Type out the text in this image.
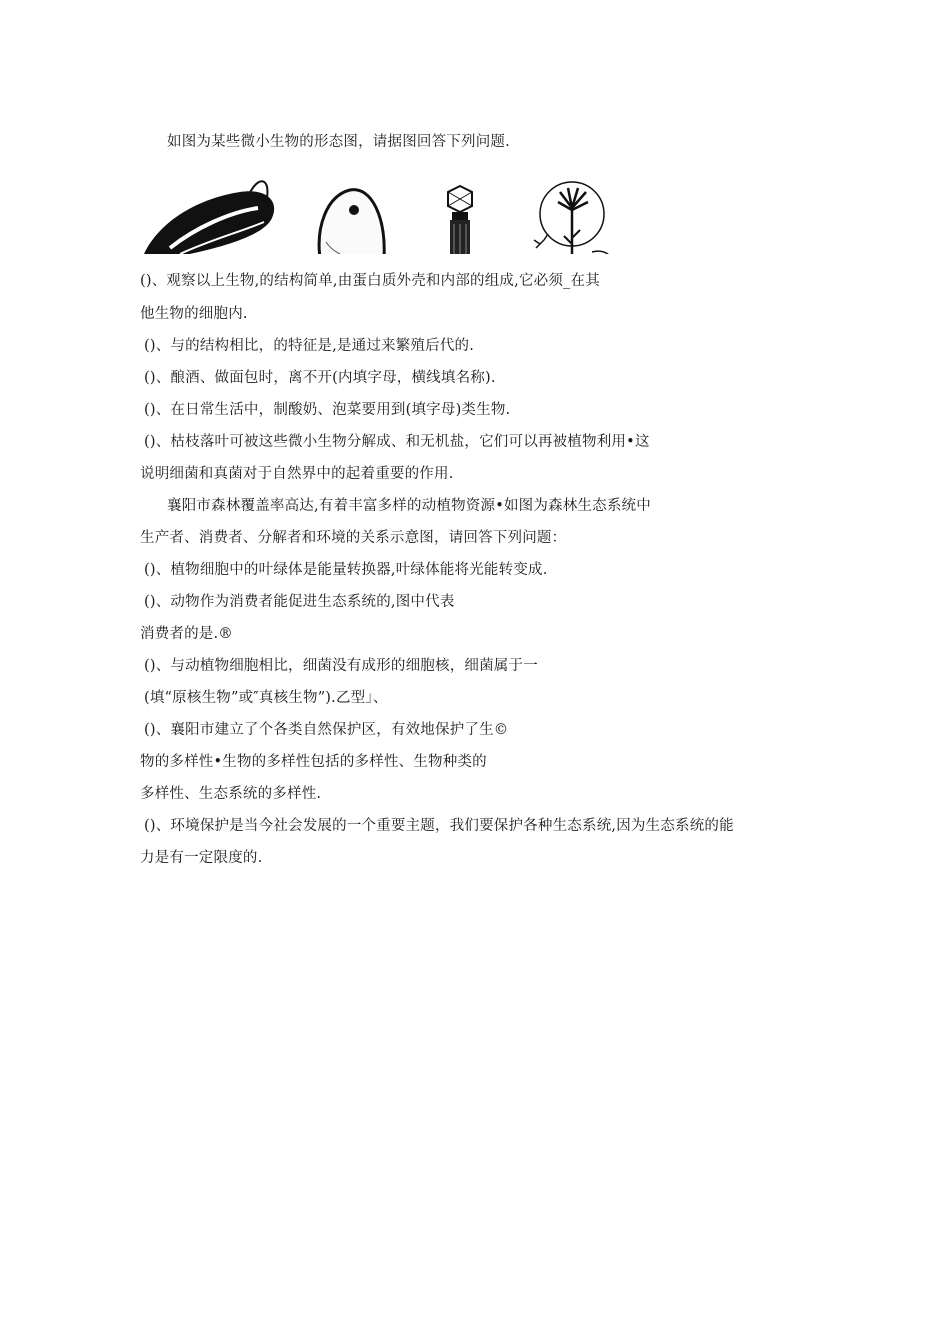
如图为某些微小生物的形态图，请据图回答下列问题.
()、观察以上生物,的结构简单,由蛋白质外壳和内部的组成,它必须_在其
他生物的细胞内.
()、与的结构相比，的特征是,是通过来繁殖后代的.
()、酿酒、做面包时，离不开(内填字母，横线填名称).
()、在日常生活中，制酸奶、泡菜要用到(填字母)类生物.
()、枯枝落叶可被这些微小生物分解成、和无机盐，它们可以再被植物利用•这
说明细菌和真菌对于自然界中的起着重要的作用.
襄阳市森林覆盖率高达,有着丰富多样的动植物资源•如图为森林生态系统中
生产者、消费者、分解者和环境的关系示意图，请回答下列问题：
()、植物细胞中的叶绿体是能量转换器,叶绿体能将光能转变成.
()、动物作为消费者能促进生态系统的,图中代表
消费者的是.®
()、与动植物细胞相比，细菌没有成形的细胞核，细菌属于一
(填“原核生物”或″真核生物”).乙型」、
()、襄阳市建立了个各类自然保护区，有效地保护了生©
物的多样性•生物的多样性包括的多样性、生物种类的
多样性、生态系统的多样性.
()、环境保护是当今社会发展的一个重要主题，我们要保护各种生态系统,因为生态系统的能
力是有一定限度的.
